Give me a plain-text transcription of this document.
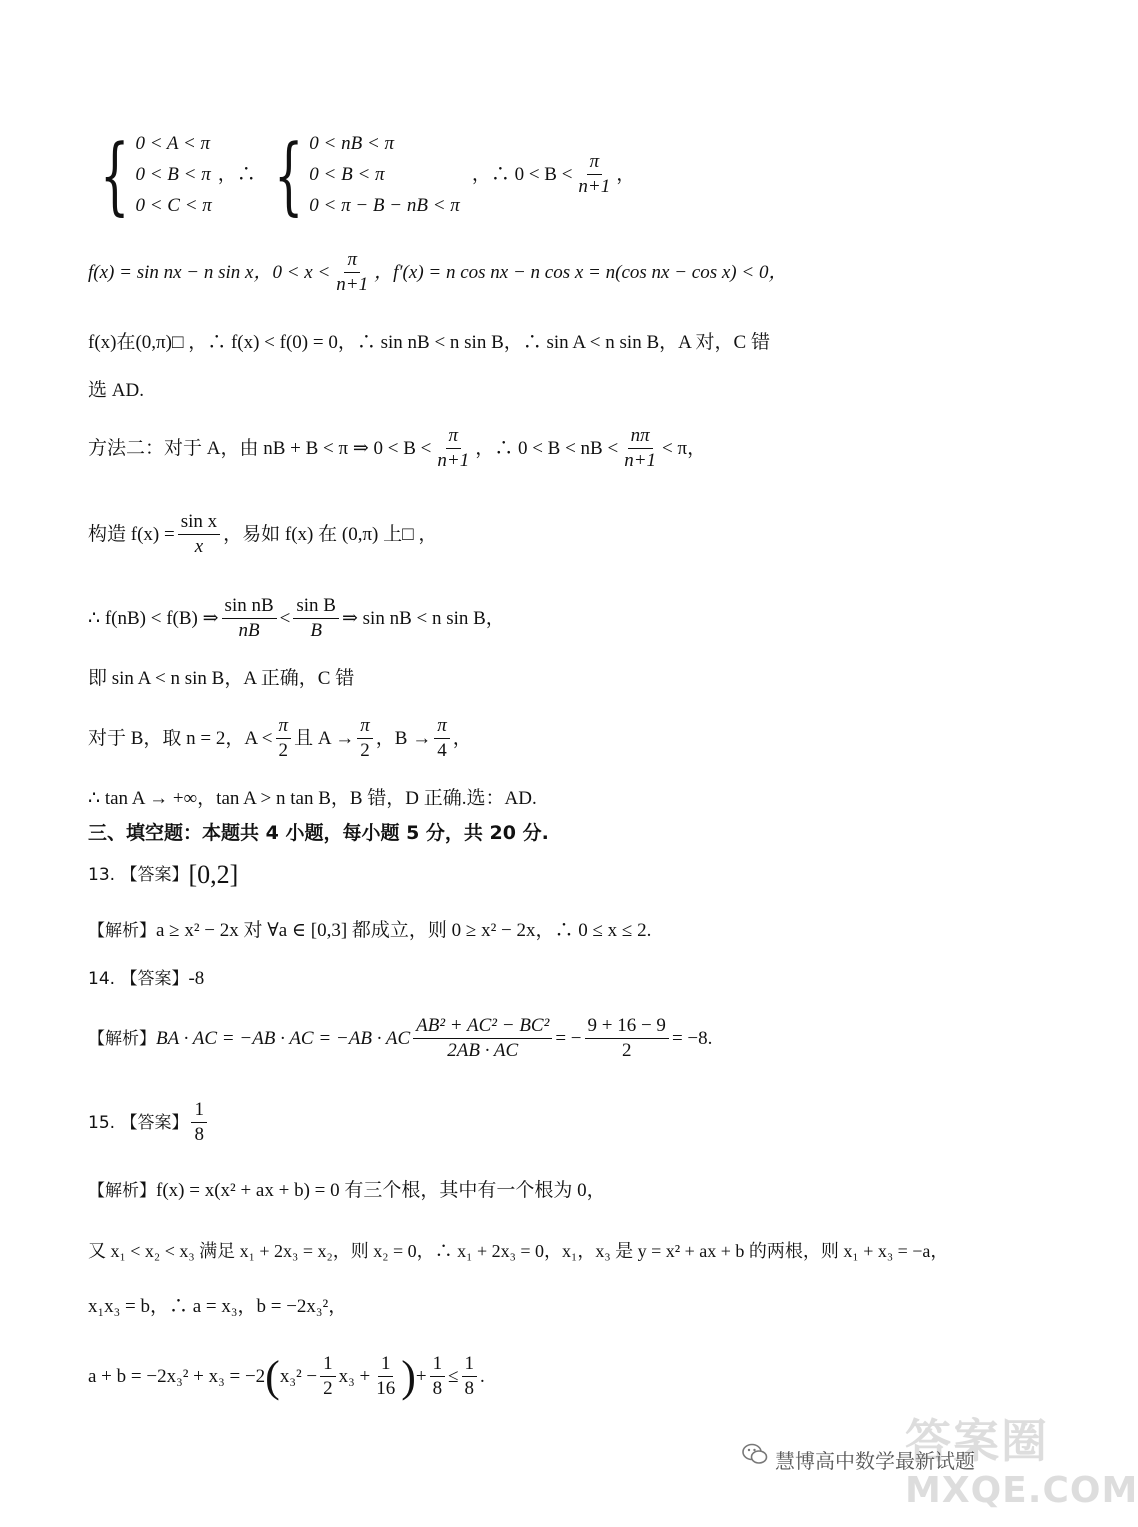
{ 0 < A < π
0 < B < π
0 < C < π
，∴ { 0 < nB < π
0 < B < π
0 < π − B − nB < π
，∴ $0 < B < \frac{\pi}{n+1}$ ，
f(x) = sin nx − n sin x，$0 < x < \frac{\pi}{n+1}$ ，f′(x) = n cos nx − n cos x = n(cos nx − cos x) < 0，
f(x)在(0,π)□ ，∴ f(x) < f(0) = 0，∴ sin nB < n sin B，∴ sin A < n sin B，A 对，C 错
选 AD.
方法二：对于 A，由 nB + B < π ⇒ $0 < B < \frac{\pi}{n+1}$ ，∴ 0 < B < nB < $\frac{n\pi}{n+1} < \pi$，
构造 $f(x) = \frac{\text{sin x}}{x}$ ，易如 f(x) 在 (0,π) 上□ ，
∴ f(nB) < f(B) ⇒ $\frac{\text{sin nB}}{nB} < \frac{\text{sin B}}{B}$ ⇒ sin nB < n sin B，
即 sin A < n sin B，A 正确，C 错
对于 B，取 n = 2，$A < \frac{\pi}{2}$ 且 $A \to \frac{\pi}{2}$ ，$B \to \frac{\pi}{4}$ ，
∴ tan A → +∞，tan A > n tan B，B 错，D 正确.选：AD.
三、填空题：本题共 4 小题，每小题 5 分，共 20 分.
13. 【答案】 [0,2]
【解析】 a ≥ x² − 2x 对 ∀a ∈ [0,3] 都成立，则 0 ≥ x² − 2x，∴ 0 ≤ x ≤ 2.
14. 【答案】 -8
【解析】 BA · AC = −AB · AC = −AB · AC $\frac{\text{AB² + AC² − BC²}}{2AB \cdot AC}$ = − $\frac{9 + 16 - 9}{2} = -8$.
15. 【答案】 $\frac{1}{8}$
【解析】 f(x) = x(x² + ax + b) = 0 有三个根，其中有一个根为 0，
又 x₁ < x₂ < x₃ 满足 x₁ + 2x₃ = x₂，则 x₂ = 0，∴ x₁ + 2x₃ = 0，x₁，x₃ 是 y = x² + ax + b 的两根，则 x₁ + x₃ = −a，
x₁x₃ = b，∴ a = x₃，b = −2x₃²，
a + b = −2x₃² + x₃ = −2 ( $x_3^2 - \frac{1}{2} x_3 + \frac{1}{16}$ ) + $\frac{1}{8} \le \frac{1}{8}$ .
答案圈
MXQE.COM
慧博高中数学最新试题
